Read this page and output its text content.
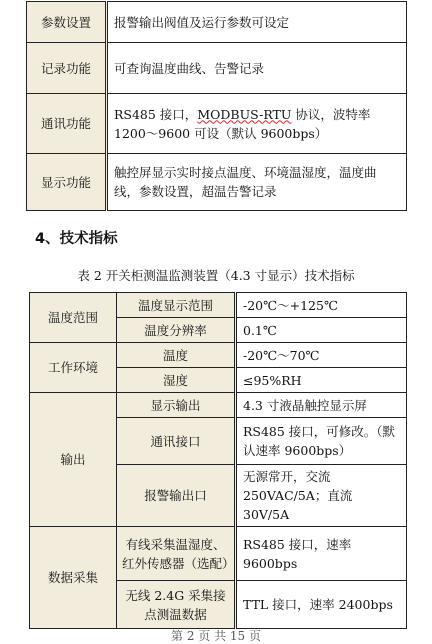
参数设置	报警输出阀值及运行参数可设定
记录功能	可查询温度曲线、告警记录
通讯功能	RS485 接口，MODBUS-RTU 协议，波特率 1200～9600 可设（默认 9600bps）
显示功能	触控屏显示实时接点温度、环境温湿度，温度曲线，参数设置，超温告警记录
4、技术指标
表 2 开关柜测温监测装置（4.3 寸显示）技术指标
温度范围	温度显示范围	-20℃～+125℃
	温度分辨率	0.1℃
工作环境	温度	-20℃～70℃
	湿度	≤95%RH
输出	显示输出	4.3 寸液晶触控显示屏
	通讯接口	RS485 接口，可修改。（默认速率 9600bps）
	报警输出口	无源常开，交流 250VAC/5A；直流 30V/5A
数据采集	有线采集温湿度、红外传感器（选配）	RS485 接口，速率 9600bps
	无线 2.4G 采集接点测温数据	TTL 接口，速率 2400bps
第 2 页 共 15 页
